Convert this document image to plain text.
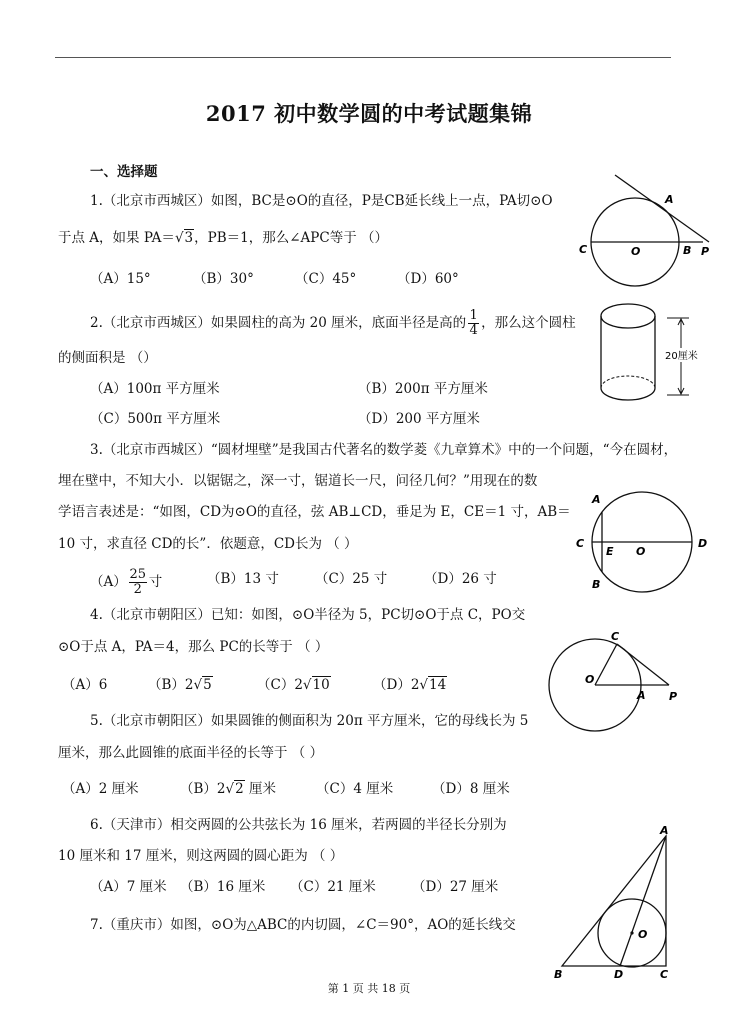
2017 初中数学圆的中考试题集锦
一、选择题
1.（北京市西城区）如图，BC是⊙O的直径，P是CB延长线上一点，PA切⊙O
于点 A，如果 PA＝√3，PB＝1，那么∠APC等于 （）
（A）15°	（B）30°	（C）45°	（D）60°
A
C	O	B P
2.（北京市西城区）如果圆柱的高为 20 厘米，底面半径是高的 $\frac{1}{4}$ ，那么这个圆柱
的侧面积是 （）
（A）100π 平方厘米	（B）200π 平方厘米
（C）500π 平方厘米	（D）200 平方厘米
20厘米
3.（北京市西城区）“圆材埋壁”是我国古代著名的数学菱《九章算术》中的一个问题，“今在圆材，
埋在壁中，不知大小．以锯锯之，深一寸，锯道长一尺，问径几何？”用现在的数
学语言表述是：“如图，CD为⊙O的直径，弦 AB⊥CD，垂足为 E，CE＝1 寸，AB＝
10 寸，求直径 CD的长”．依题意，CD长为 （ ）
$(A) \frac{25}{2}$ 寸	（B）13 寸	（C）25 寸	（D）26 寸
A
C
E O
D
B
4.（北京市朝阳区）已知：如图，⊙O半径为 5，PC切⊙O于点 C，PO交
⊙O于点 A，PA＝4，那么 PC的长等于 （ ）
（A）6	（B）2√5	（C）2√10	（D）2√14
C
O
A P
5.（北京市朝阳区）如果圆锥的侧面积为 20π 平方厘米，它的母线长为 5
厘米，那么此圆锥的底面半径的长等于 （ ）
（A）2 厘米	（B）2√2 厘米	（C）4 厘米	（D）8 厘米
6.（天津市）相交两圆的公共弦长为 16 厘米，若两圆的半径长分别为
10 厘米和 17 厘米，则这两圆的圆心距为 （ ）
（A）7 厘米 （B）16 厘米 （C）21 厘米	（D）27 厘米
7.（重庆市）如图，⊙O为△ABC的内切圆，∠C＝90°，AO的延长线交
A
O
B	D	C
第 1 页 共 18 页
